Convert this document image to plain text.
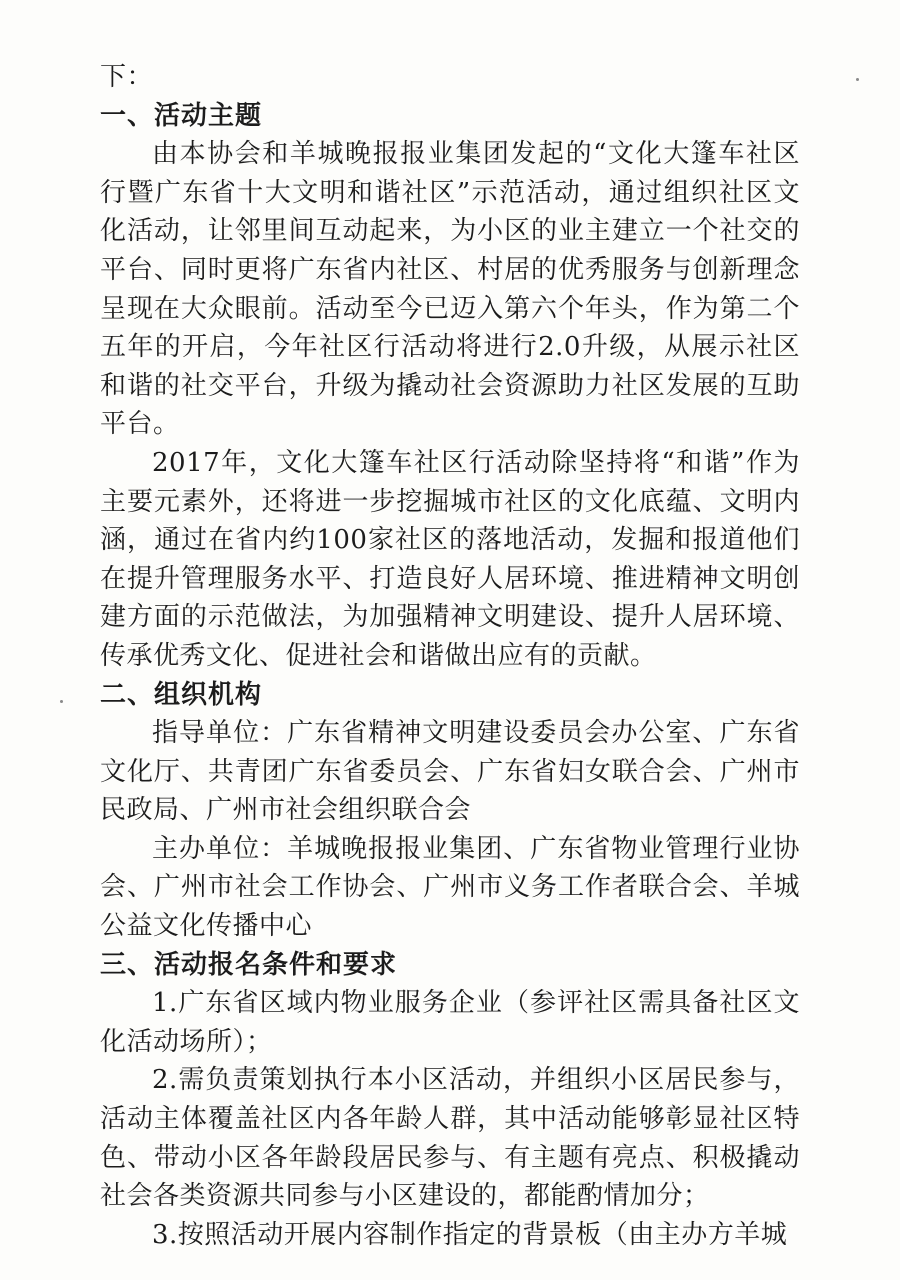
下：

一、活动主题

由本协会和羊城晚报报业集团发起的“文化大篷车社区行暨广东省十大文明和谐社区”示范活动，通过组织社区文化活动，让邻里间互动起来，为小区的业主建立一个社交的平台、同时更将广东省内社区、村居的优秀服务与创新理念呈现在大众眼前。活动至今已迈入第六个年头，作为第二个五年的开启，今年社区行活动将进行2.0升级，从展示社区和谐的社交平台，升级为撬动社会资源助力社区发展的互助平台。

2017年，文化大篷车社区行活动除坚持将“和谐”作为主要元素外，还将进一步挖掘城市社区的文化底蕴、文明内涵，通过在省内约100家社区的落地活动，发掘和报道他们在提升管理服务水平、打造良好人居环境、推进精神文明创建方面的示范做法，为加强精神文明建设、提升人居环境、传承优秀文化、促进社会和谐做出应有的贡献。

二、组织机构

指导单位：广东省精神文明建设委员会办公室、广东省文化厅、共青团广东省委员会、广东省妇女联合会、广州市民政局、广州市社会组织联合会

主办单位：羊城晚报报业集团、广东省物业管理行业协会、广州市社会工作协会、广州市义务工作者联合会、羊城公益文化传播中心

三、活动报名条件和要求

1.广东省区域内物业服务企业（参评社区需具备社区文化活动场所）；

2.需负责策划执行本小区活动，并组织小区居民参与，活动主体覆盖社区内各年龄人群，其中活动能够彰显社区特色、带动小区各年龄段居民参与、有主题有亮点、积极撬动社会各类资源共同参与小区建设的，都能酌情加分；

3.按照活动开展内容制作指定的背景板（由主办方羊城
